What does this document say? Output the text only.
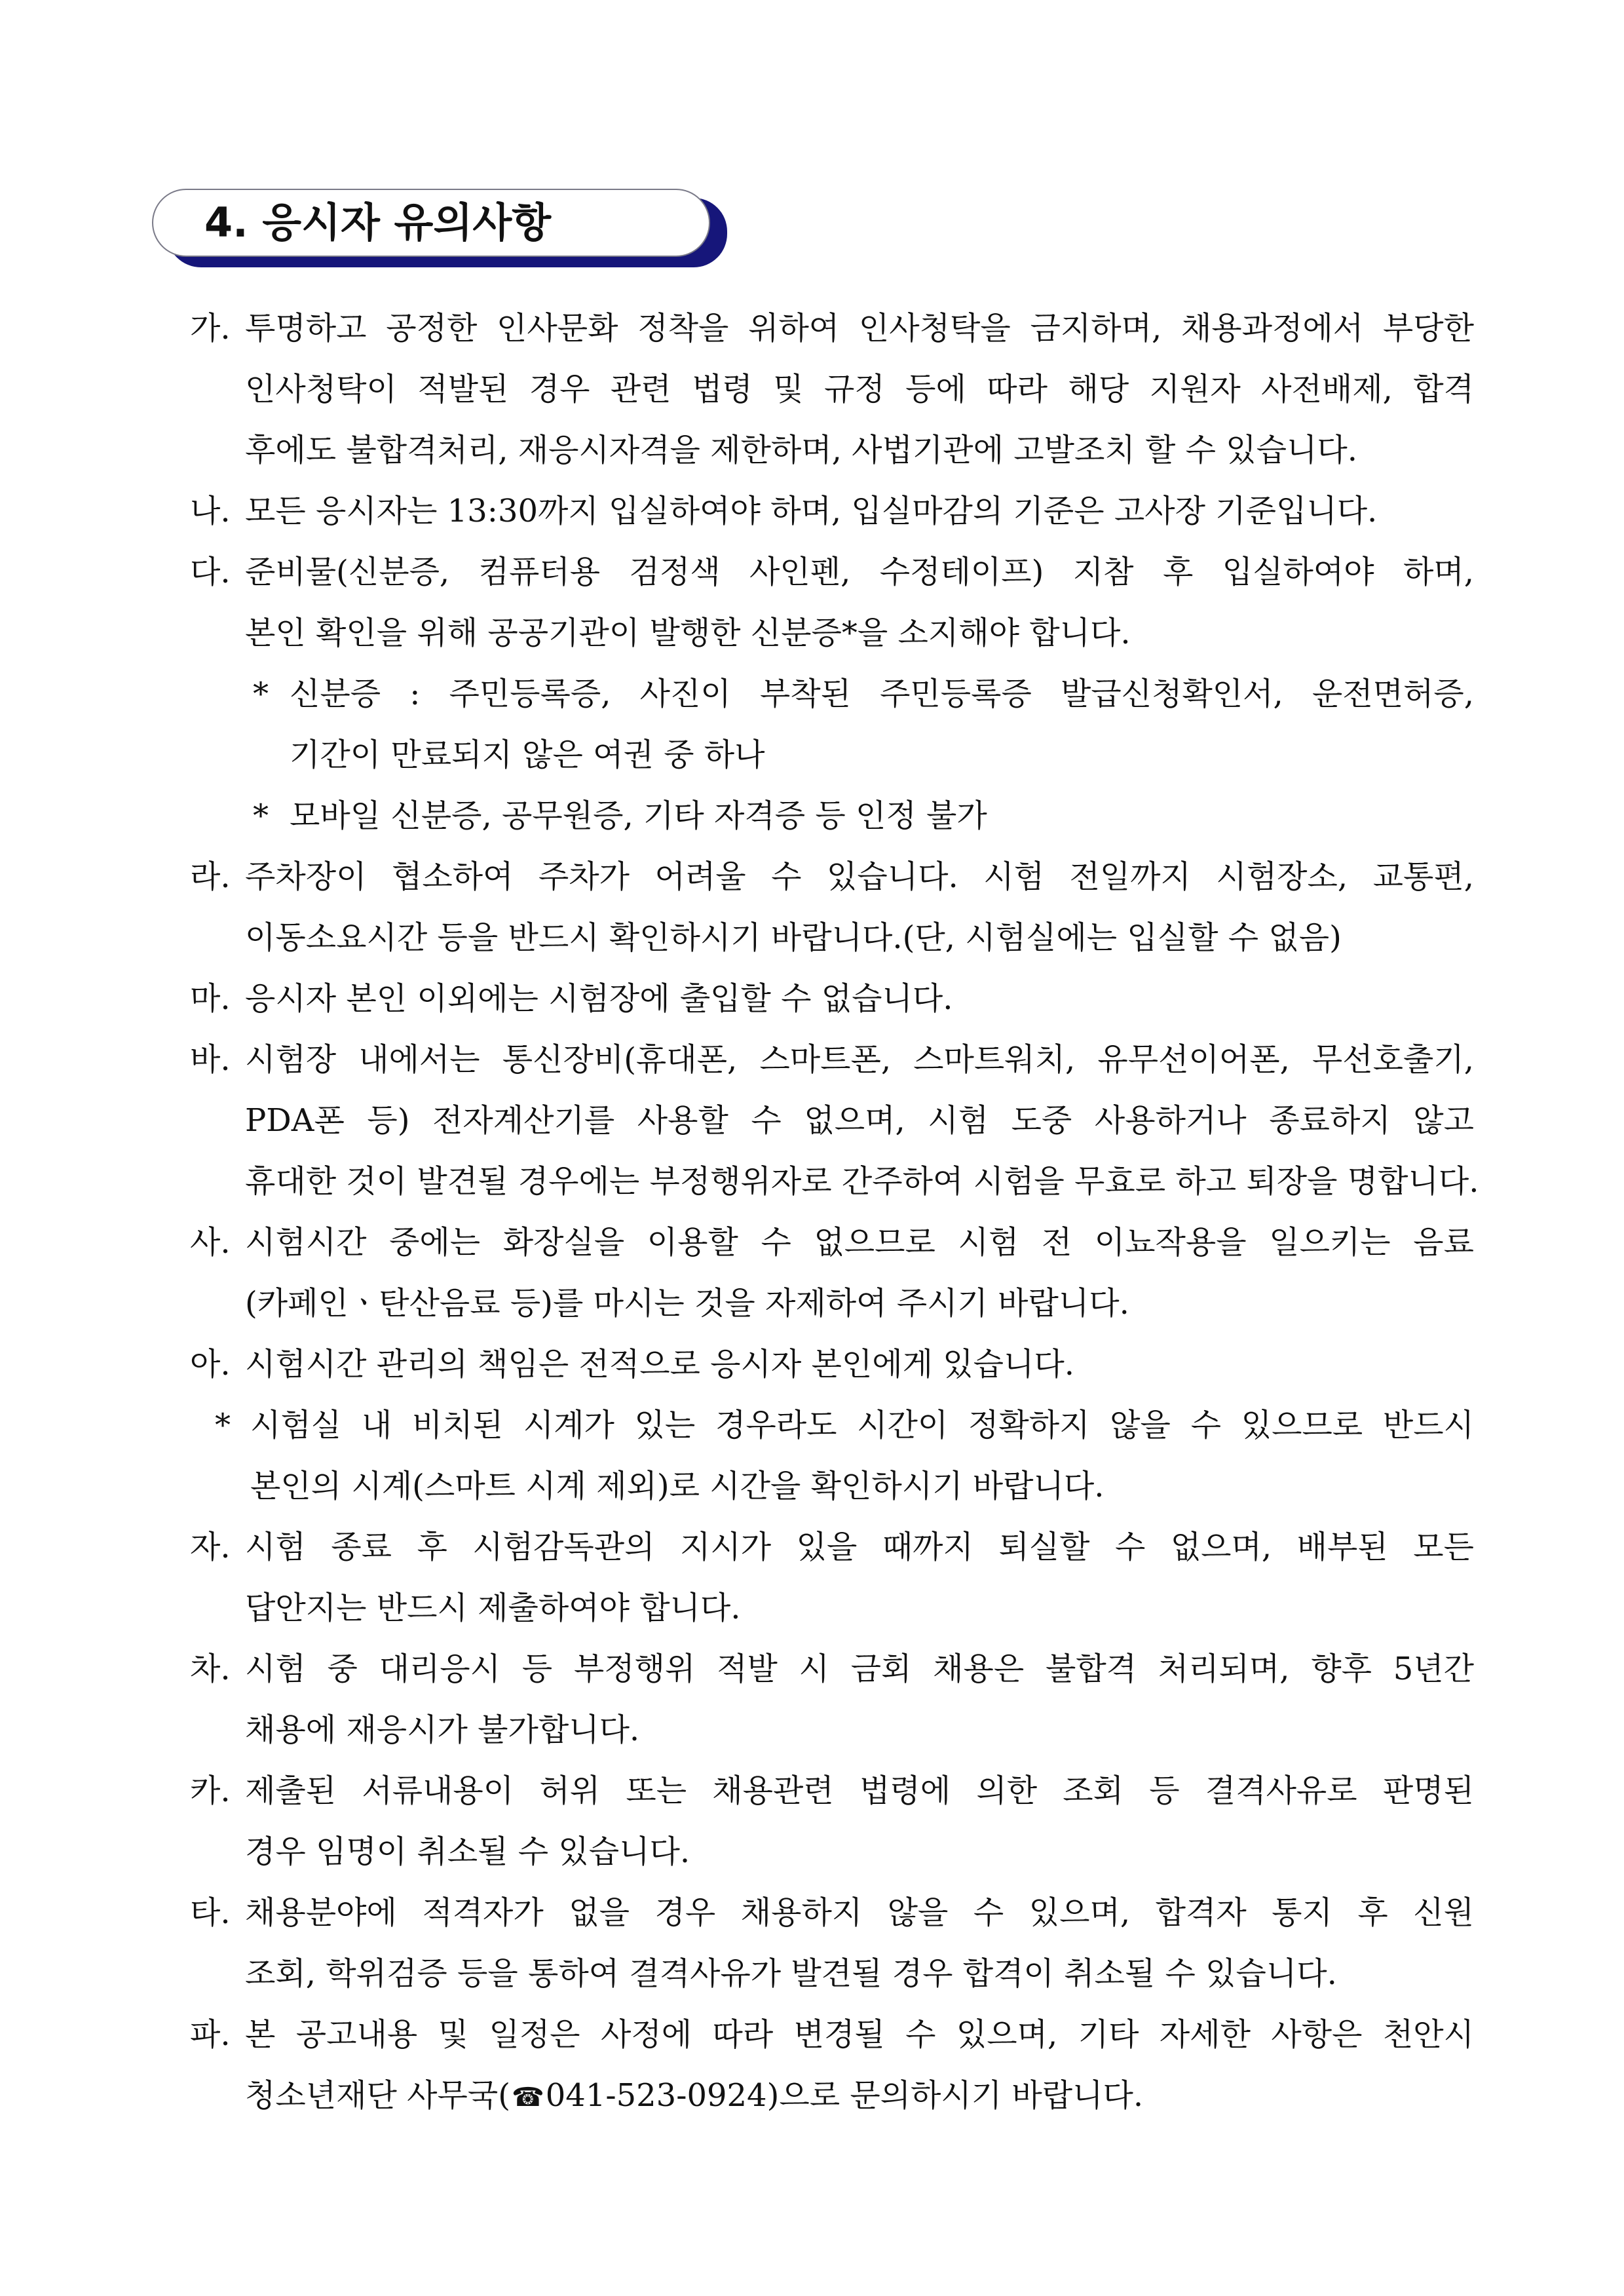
4. 응시자 유의사항
가. 투명하고 공정한 인사문화 정착을 위하여 인사청탁을 금지하며, 채용과정에서 부당한
인사청탁이 적발된 경우 관련 법령 및 규정 등에 따라 해당 지원자 사전배제, 합격
후에도 불합격처리, 재응시자격을 제한하며, 사법기관에 고발조치 할 수 있습니다.
나. 모든 응시자는 13:30까지 입실하여야 하며, 입실마감의 기준은 고사장 기준입니다.
다. 준비물(신분증, 컴퓨터용 검정색 사인펜, 수정테이프) 지참 후 입실하여야 하며,
본인 확인을 위해 공공기관이 발행한 신분증*을 소지해야 합니다.
* 신분증 : 주민등록증, 사진이 부착된 주민등록증 발급신청확인서, 운전면허증,
기간이 만료되지 않은 여권 중 하나
* 모바일 신분증, 공무원증, 기타 자격증 등 인정 불가
라. 주차장이 협소하여 주차가 어려울 수 있습니다. 시험 전일까지 시험장소, 교통편,
이동소요시간 등을 반드시 확인하시기 바랍니다.(단, 시험실에는 입실할 수 없음)
마. 응시자 본인 이외에는 시험장에 출입할 수 없습니다.
바. 시험장 내에서는 통신장비(휴대폰, 스마트폰, 스마트워치, 유무선이어폰, 무선호출기,
PDA폰 등) 전자계산기를 사용할 수 없으며, 시험 도중 사용하거나 종료하지 않고
휴대한 것이 발견될 경우에는 부정행위자로 간주하여 시험을 무효로 하고 퇴장을 명합니다.
사. 시험시간 중에는 화장실을 이용할 수 없으므로 시험 전 이뇨작용을 일으키는 음료
(카페인ㆍ탄산음료 등)를 마시는 것을 자제하여 주시기 바랍니다.
아. 시험시간 관리의 책임은 전적으로 응시자 본인에게 있습니다.
* 시험실 내 비치된 시계가 있는 경우라도 시간이 정확하지 않을 수 있으므로 반드시
본인의 시계(스마트 시계 제외)로 시간을 확인하시기 바랍니다.
자. 시험 종료 후 시험감독관의 지시가 있을 때까지 퇴실할 수 없으며, 배부된 모든
답안지는 반드시 제출하여야 합니다.
차. 시험 중 대리응시 등 부정행위 적발 시 금회 채용은 불합격 처리되며, 향후 5년간
채용에 재응시가 불가합니다.
카. 제출된 서류내용이 허위 또는 채용관련 법령에 의한 조회 등 결격사유로 판명된
경우 임명이 취소될 수 있습니다.
타. 채용분야에 적격자가 없을 경우 채용하지 않을 수 있으며, 합격자 통지 후 신원
조회, 학위검증 등을 통하여 결격사유가 발견될 경우 합격이 취소될 수 있습니다.
파. 본 공고내용 및 일정은 사정에 따라 변경될 수 있으며, 기타 자세한 사항은 천안시
청소년재단 사무국(☎041-523-0924)으로 문의하시기 바랍니다.
